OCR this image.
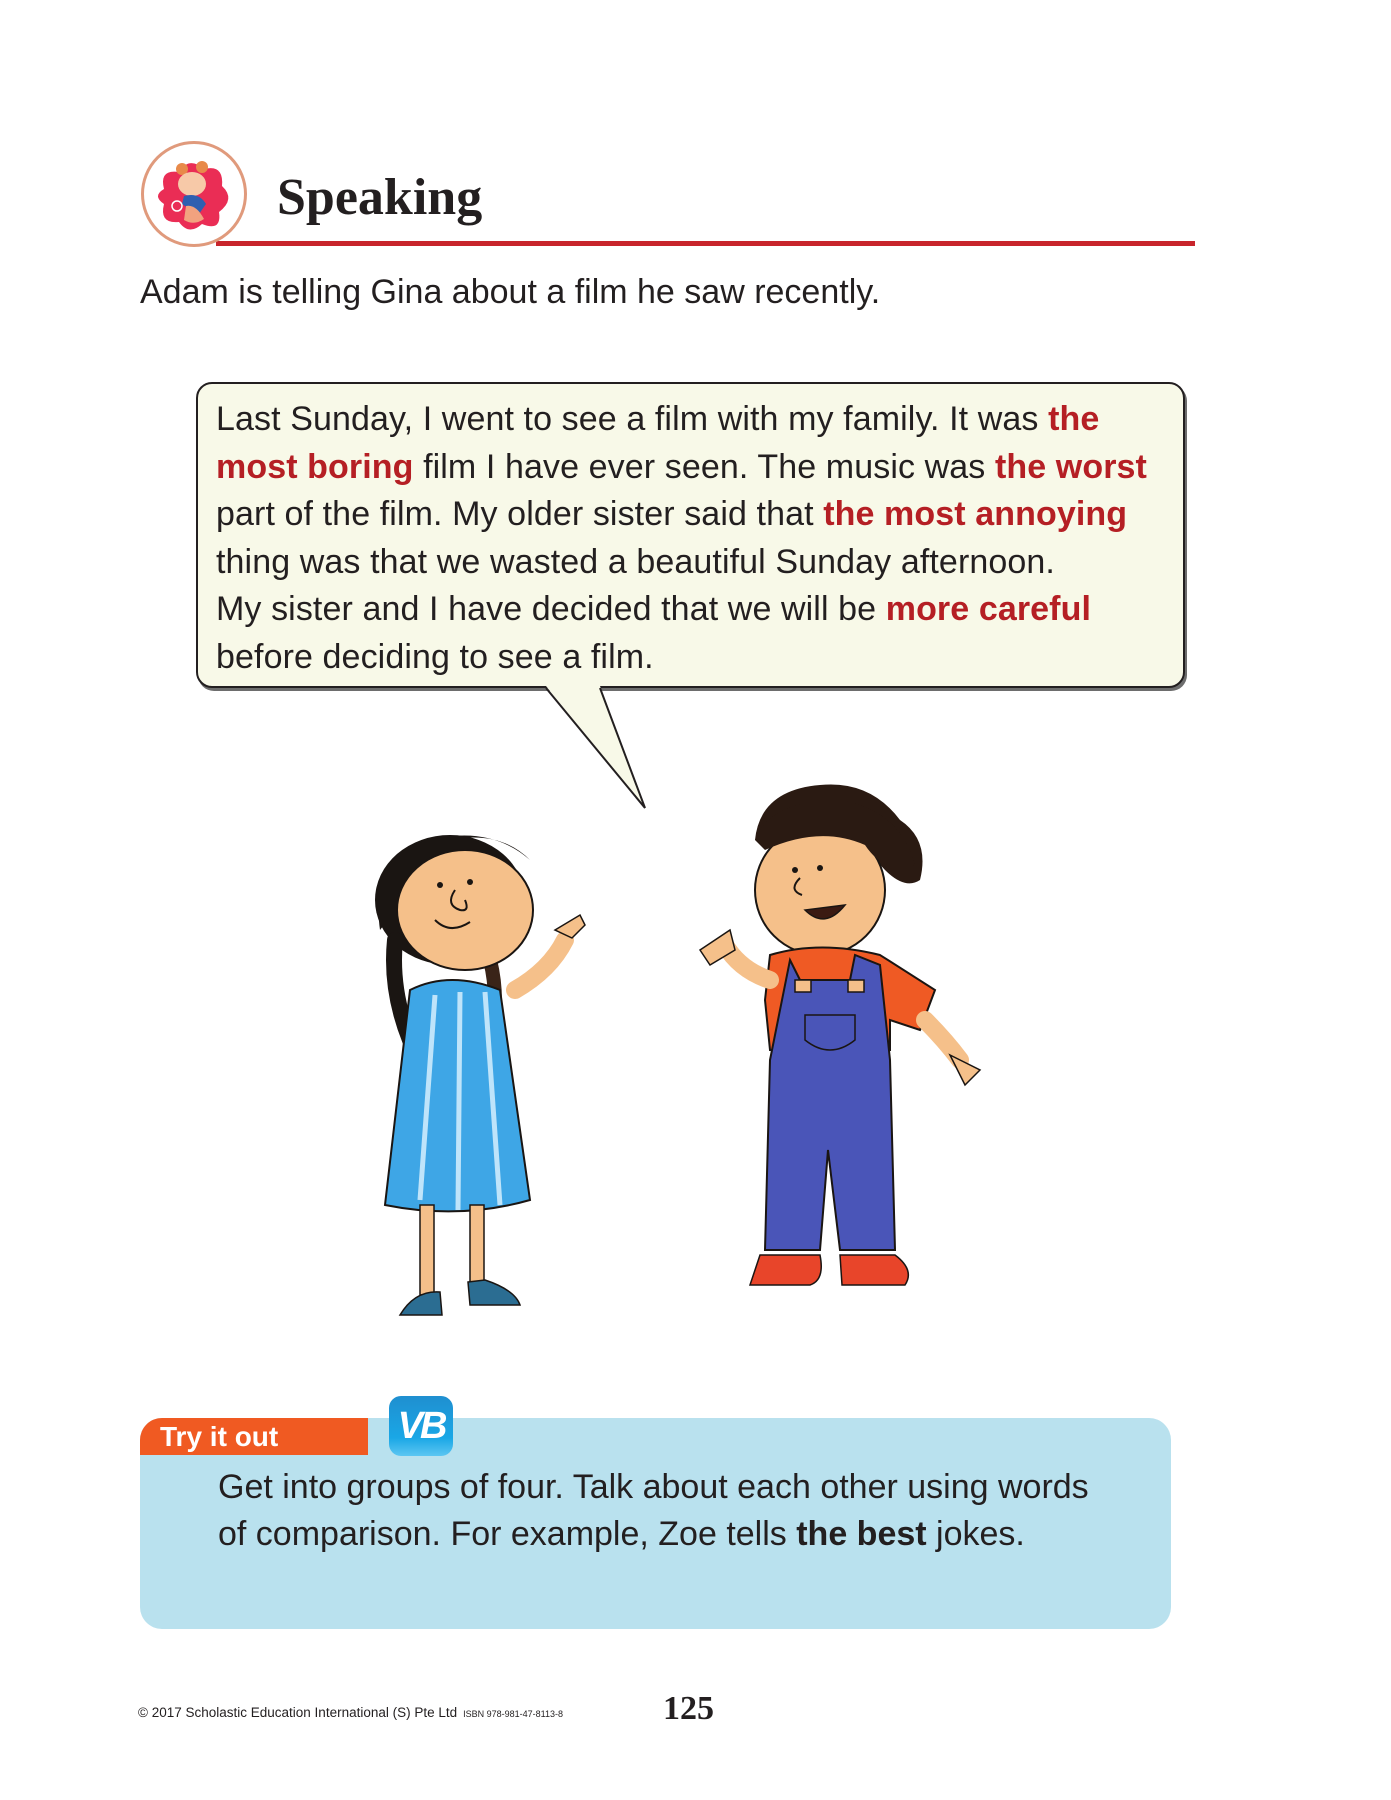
Speaking
Adam is telling Gina about a film he saw recently.

Last Sunday, I went to see a film with my family. It was the most boring film I have ever seen. The music was the worst part of the film. My older sister said that the most annoying thing was that we wasted a beautiful Sunday afternoon.
My sister and I have decided that we will be more careful before deciding to see a film.

Try it out	VB
Get into groups of four. Talk about each other using words of comparison. For example, Zoe tells the best jokes.
© 2017 Scholastic Education International (S) Pte Ltd ISBN 978-981-47-8113-8	125
